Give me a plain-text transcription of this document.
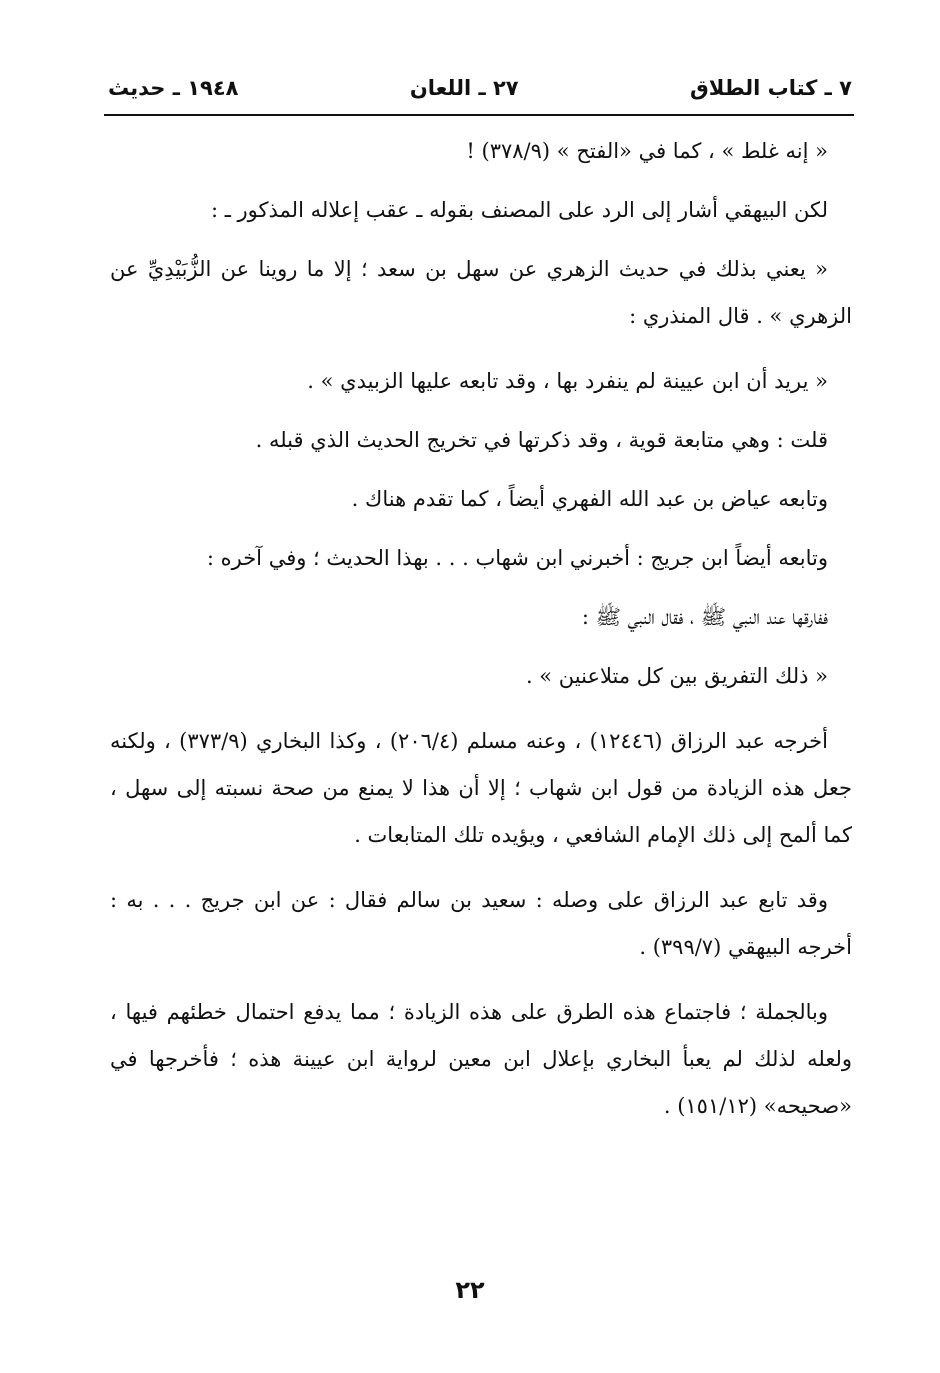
٧ ـ كتاب الطلاق
٢٧ ـ اللعان
١٩٤٨ ـ حديث

« إنه غلط » ، كما في «الفتح » (٣٧٨/٩) !

لكن البيهقي أشار إلى الرد على المصنف بقوله ـ عقب إعلاله المذكور ـ :

« يعني بذلك في حديث الزهري عن سهل بن سعد ؛ إلا ما روينا عن الزُّبَيْدِيِّ عن الزهري » . قال المنذري :

« يريد أن ابن عيينة لم ينفرد بها ، وقد تابعه عليها الزبيدي » .

قلت : وهي متابعة قوية ، وقد ذكرتها في تخريج الحديث الذي قبله .

وتابعه عياض بن عبد الله الفهري أيضاً ، كما تقدم هناك .

وتابعه أيضاً ابن جريج : أخبرني ابن شهاب . . . بهذا الحديث ؛ وفي آخره :

ففارقها عند النبي ﷺ ، فقال النبي ﷺ :

« ذلك التفريق بين كل متلاعنين » .

أخرجه عبد الرزاق (١٢٤٤٦) ، وعنه مسلم (٢٠٦/٤) ، وكذا البخاري (٣٧٣/٩) ، ولكنه جعل هذه الزيادة من قول ابن شهاب ؛ إلا أن هذا لا يمنع من صحة نسبته إلى سهل ، كما ألمح إلى ذلك الإمام الشافعي ، ويؤيده تلك المتابعات .

وقد تابع عبد الرزاق على وصله : سعيد بن سالم فقال : عن ابن جريج . . . به : أخرجه البيهقي (٣٩٩/٧) .

وبالجملة ؛ فاجتماع هذه الطرق على هذه الزيادة ؛ مما يدفع احتمال خطئهم فيها ، ولعله لذلك لم يعبأ البخاري بإعلال ابن معين لرواية ابن عيينة هذه ؛ فأخرجها في «صحيحه» (١٥١/١٢) .

٢٢
